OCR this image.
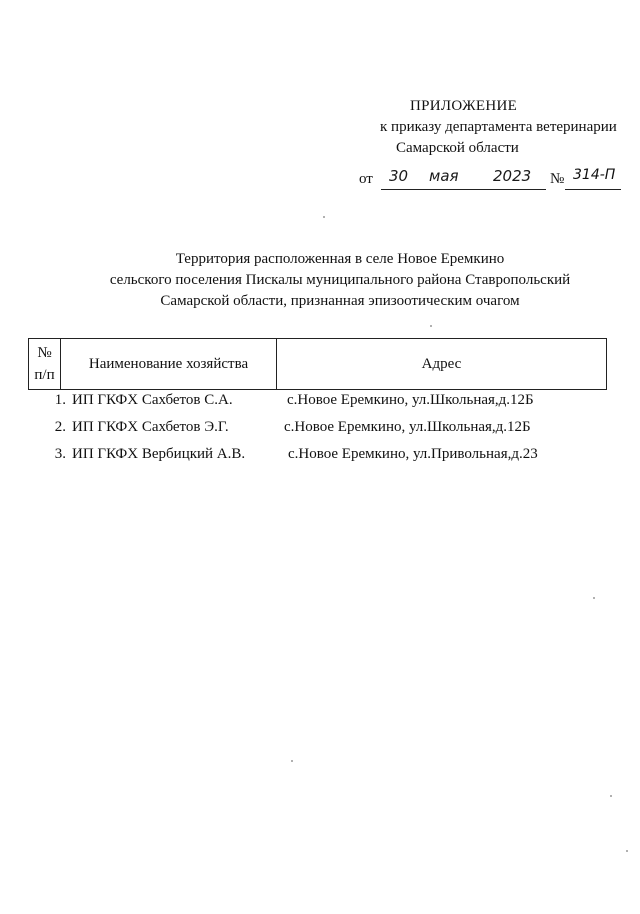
ПРИЛОЖЕНИЕ
к приказу департамента ветеринарии
Самарской области
от 30 мая 2023 № 314-П
Территория расположенная в селе Новое Еремкино
сельского поселения Пискалы муниципального района Ставропольский
Самарской области, признанная эпизоотическим очагом
№
п/п
	Наименование хозяйства	Адрес
1. ИП ГКФХ Сахбетов С.А.	с.Новое Еремкино, ул.Школьная,д.12Б
2. ИП ГКФХ Сахбетов Э.Г.	с.Новое Еремкино, ул.Школьная,д.12Б
3. ИП ГКФХ Вербицкий А.В.	с.Новое Еремкино, ул.Привольная,д.23
